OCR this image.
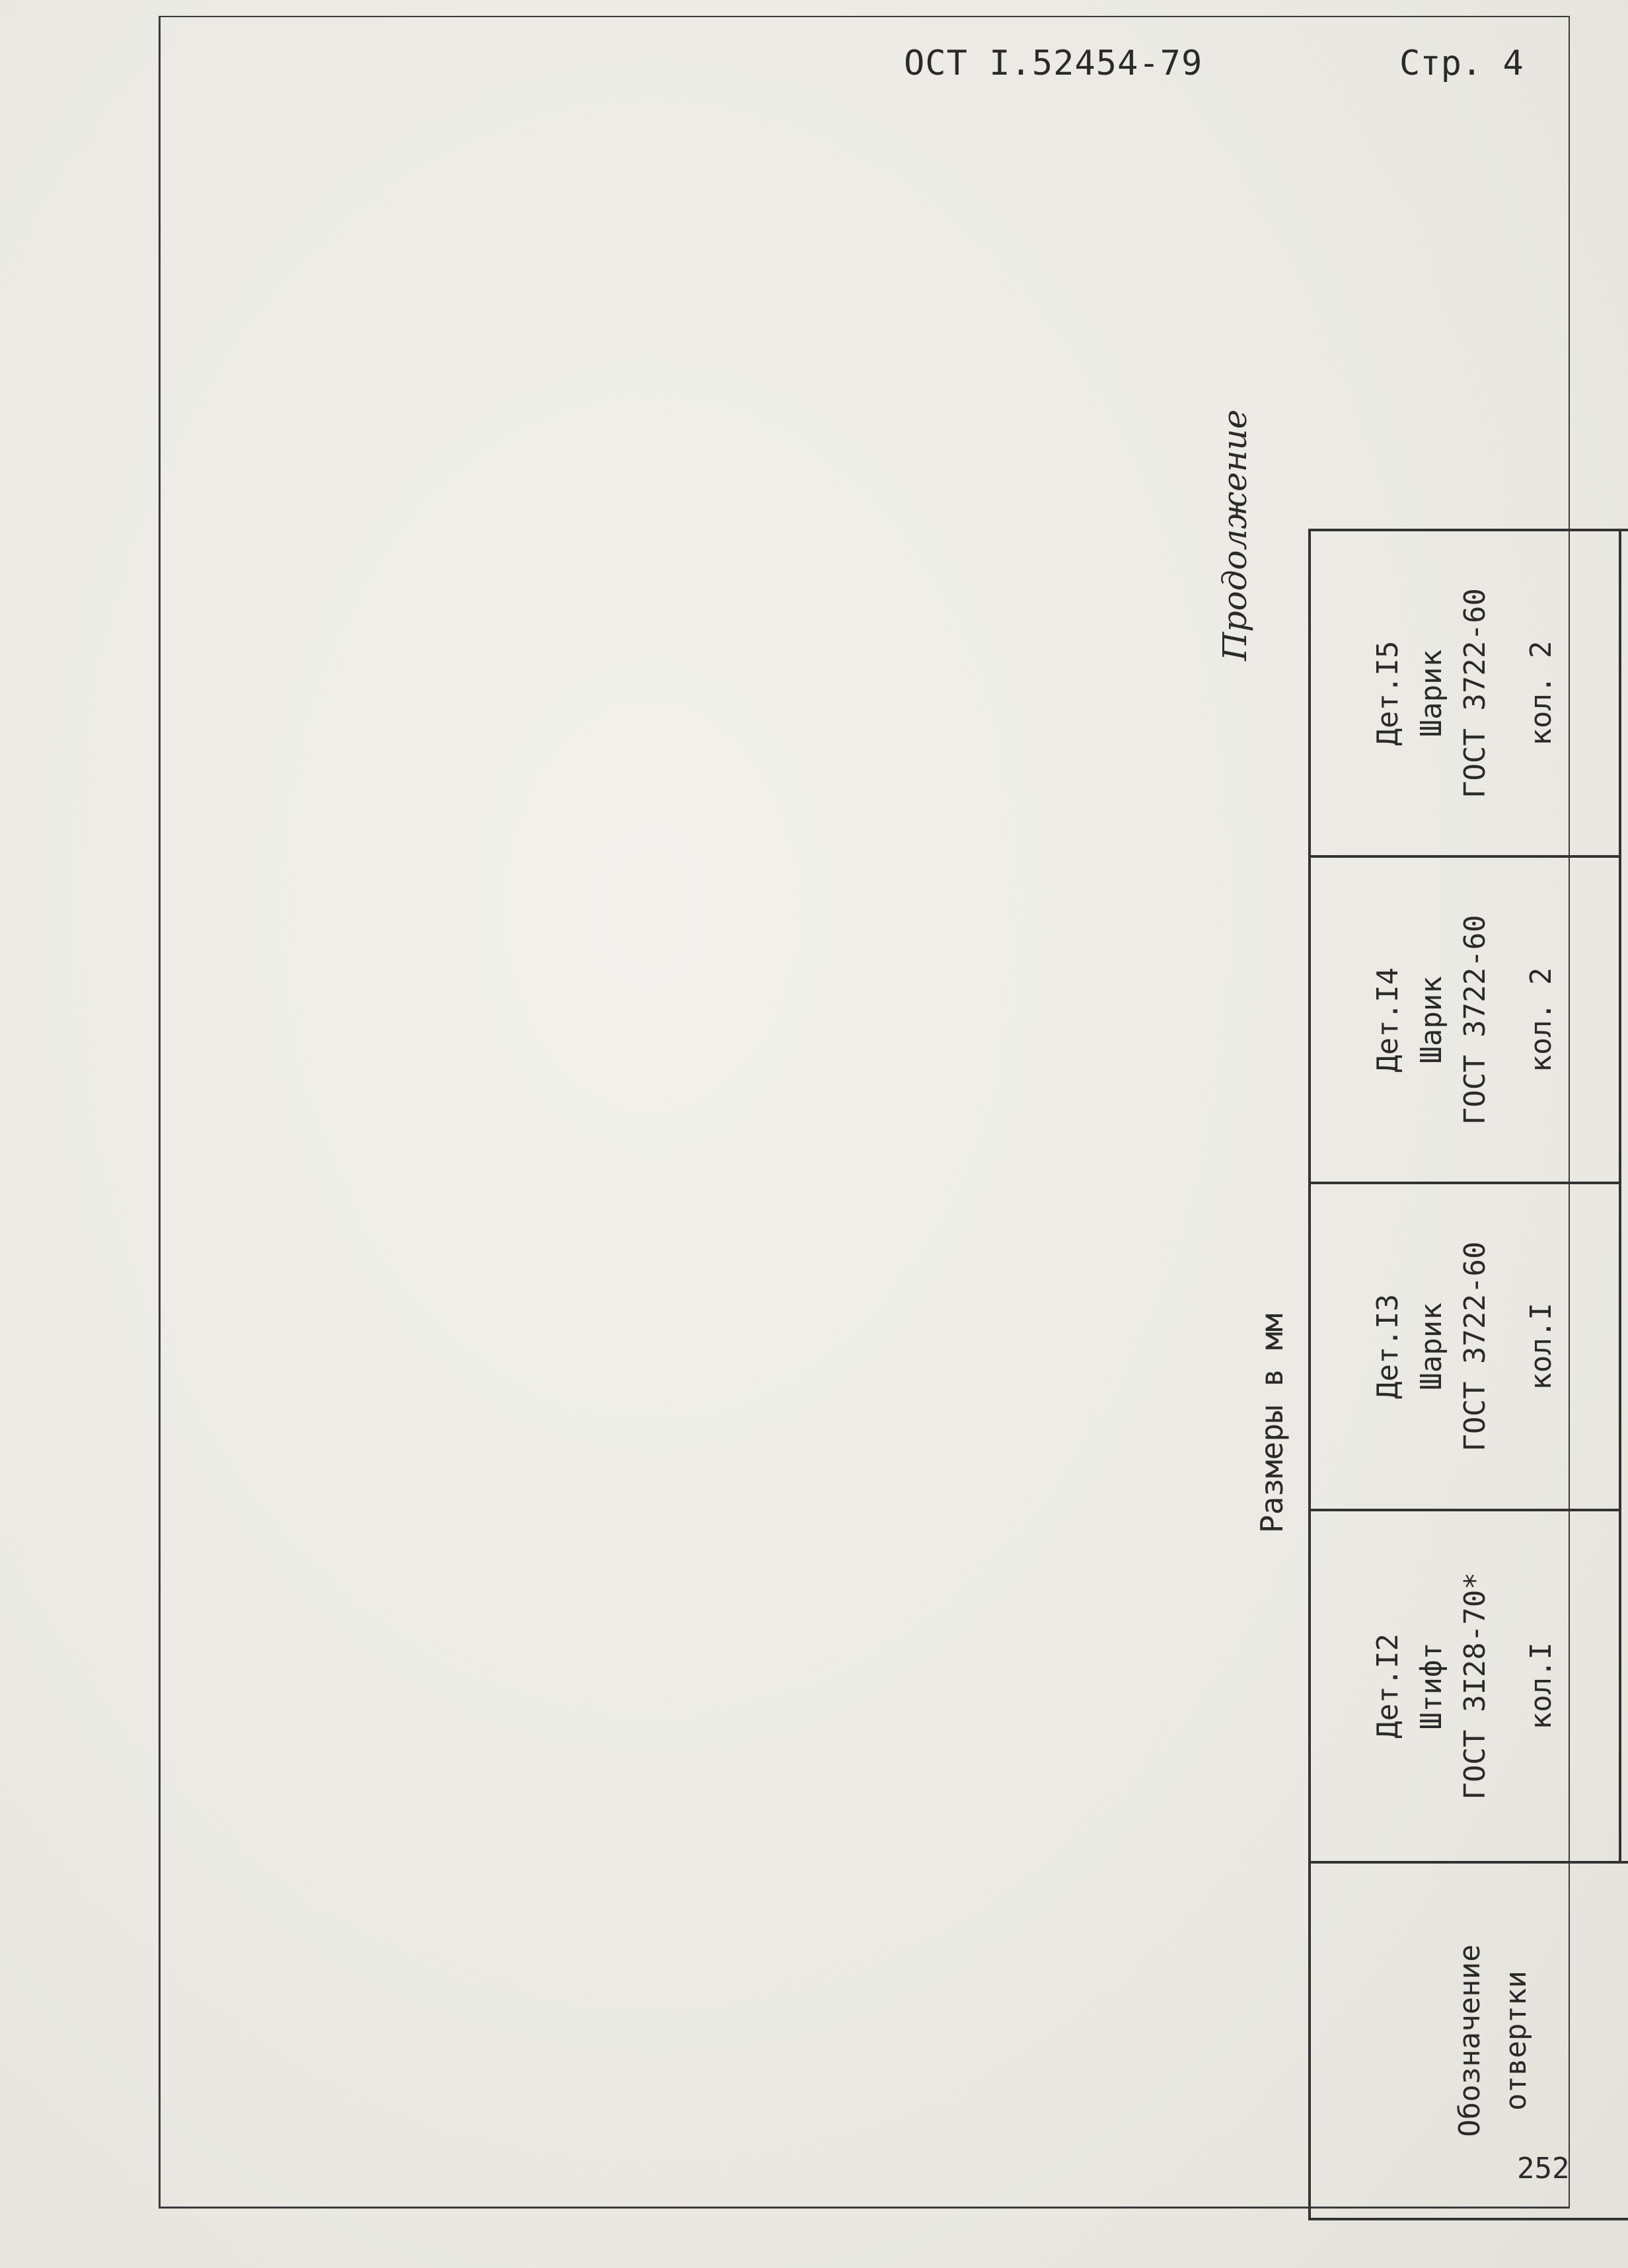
ОСТ I.52454-79	Стр. 4
252
Продолжение
Размеры в мм
Обозначение отвертки	Дет.I2 Штифт ГОСТ 3I28-70* кол.I	Дет.I3 Шарик ГОСТ 3722-60 кол.I	Дет.I4 Шарик ГОСТ 3722-60 кол. 2	Дет.I5 Шарик ГОСТ 3722-60 кол. 2
